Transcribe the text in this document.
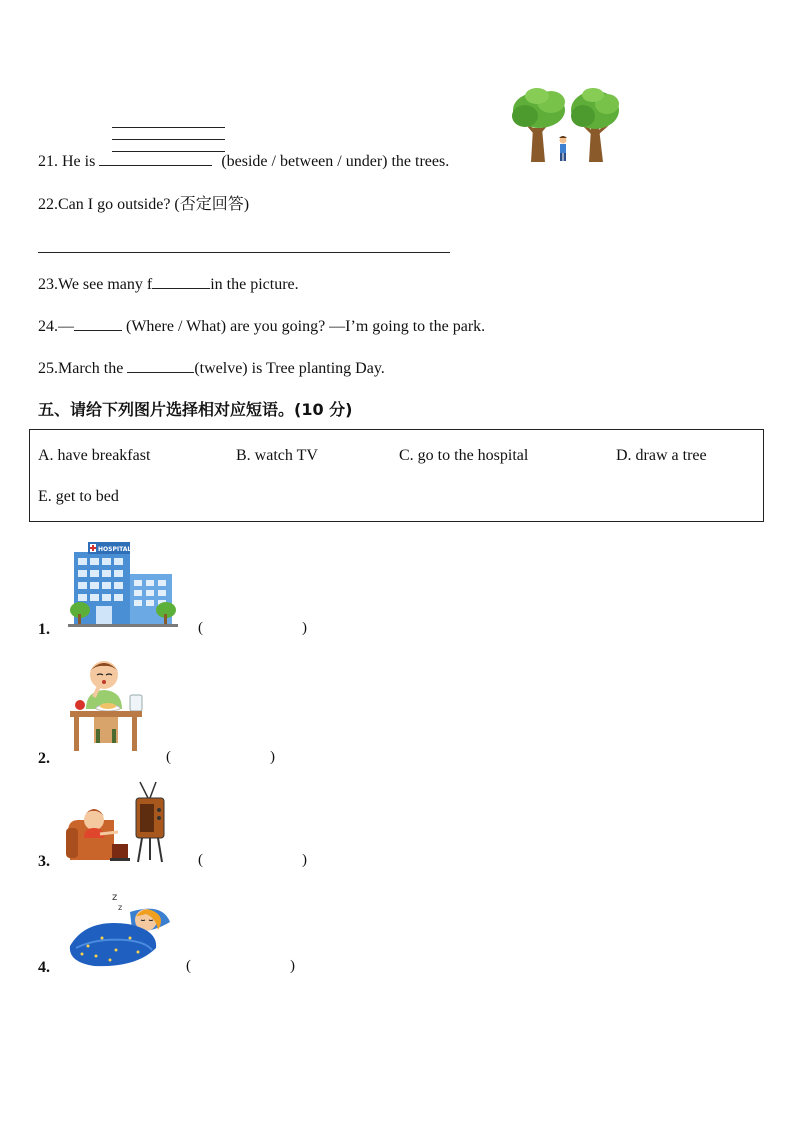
21. He is	(beside / between / under) the trees.
22.Can I go outside? (否定回答)
23.We see many f	in the picture.
24.—	(Where / What) are you going? —I’m going to the park.
25.March the	(twelve) is Tree planting Day.
五、请给下列图片选择相对应短语。(10 分)
A. have breakfast	B. watch TV	C. go to the hospital	D. draw a tree
E. get to bed
HOSPITAL
1.	(	)
2.	(	)
3.	(	)
z
z
4.	(	)
